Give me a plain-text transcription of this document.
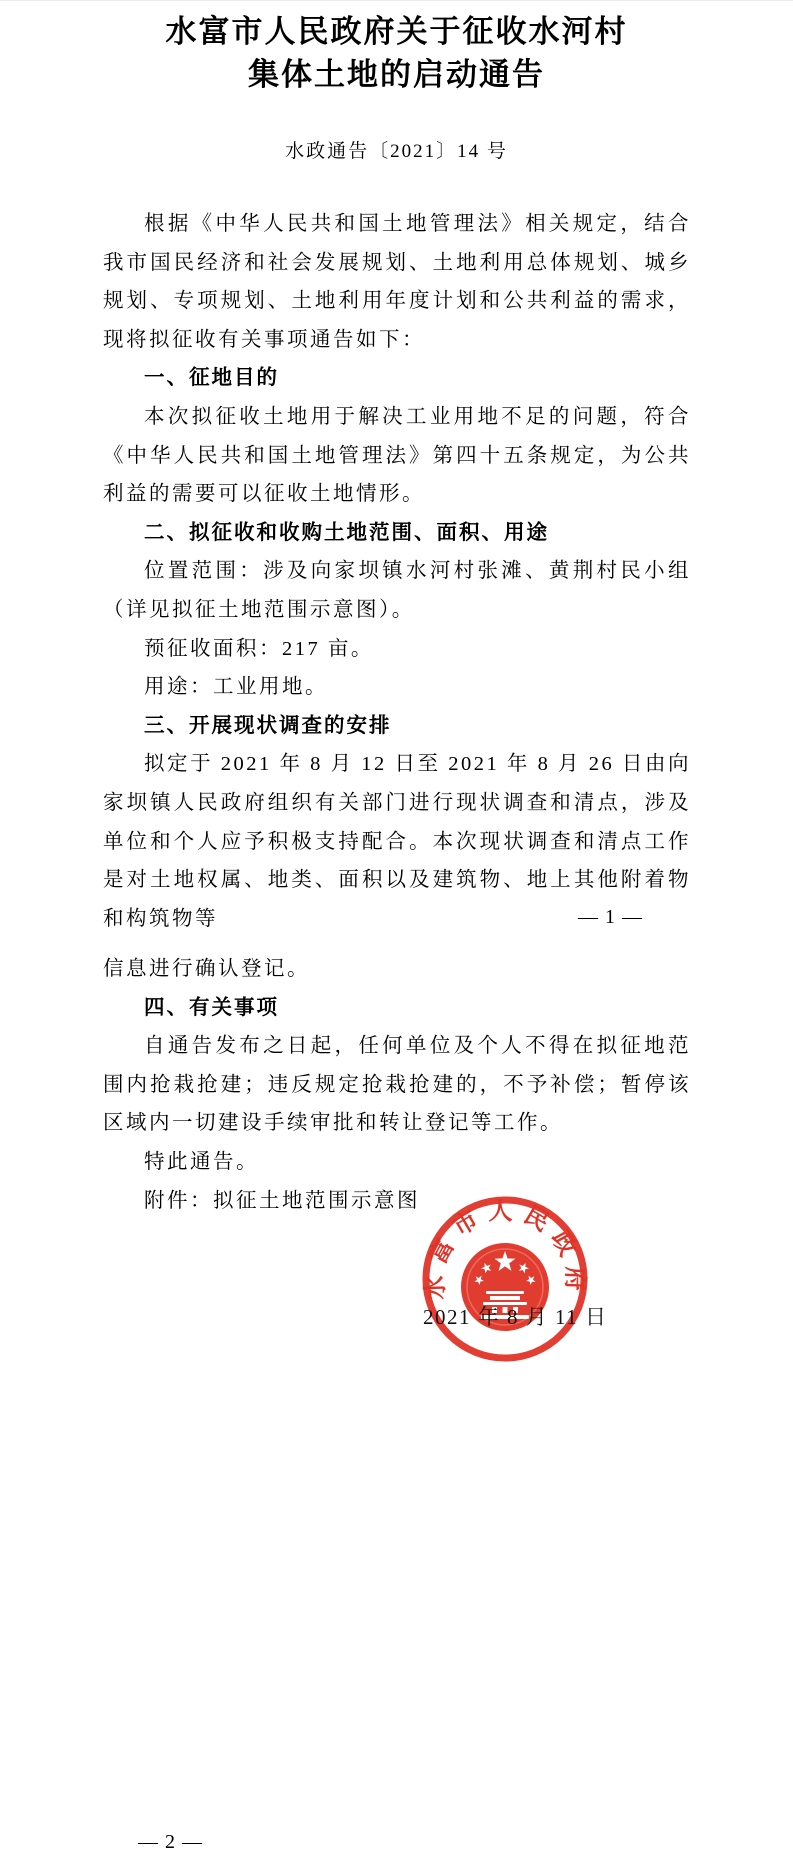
水富市人民政府关于征收水河村
集体土地的启动通告
水政通告〔2021〕14 号
根据《中华人民共和国土地管理法》相关规定，结合我市国民经济和社会发展规划、土地利用总体规划、城乡规划、专项规划、土地利用年度计划和公共利益的需求，现将拟征收有关事项通告如下：
一、征地目的
本次拟征收土地用于解决工业用地不足的问题，符合《中华人民共和国土地管理法》第四十五条规定，为公共利益的需要可以征收土地情形。
二、拟征收和收购土地范围、面积、用途
位置范围：涉及向家坝镇水河村张滩、黄荆村民小组（详见拟征土地范围示意图）。
预征收面积：217 亩。
用途：工业用地。
三、开展现状调查的安排
拟定于 2021 年 8 月 12 日至 2021 年 8 月 26 日由向家坝镇人民政府组织有关部门进行现状调查和清点，涉及单位和个人应予积极支持配合。本次现状调查和清点工作是对土地权属、地类、面积以及建筑物、地上其他附着物和构筑物等	— 1 —
信息进行确认登记。
四、有关事项
自通告发布之日起，任何单位及个人不得在拟征地范围内抢栽抢建；违反规定抢栽抢建的，不予补偿；暂停该区域内一切建设手续审批和转让登记等工作。
特此通告。
附件：拟征土地范围示意图
水富市人民政府
2021 年 8 月 11 日
— 2 —
